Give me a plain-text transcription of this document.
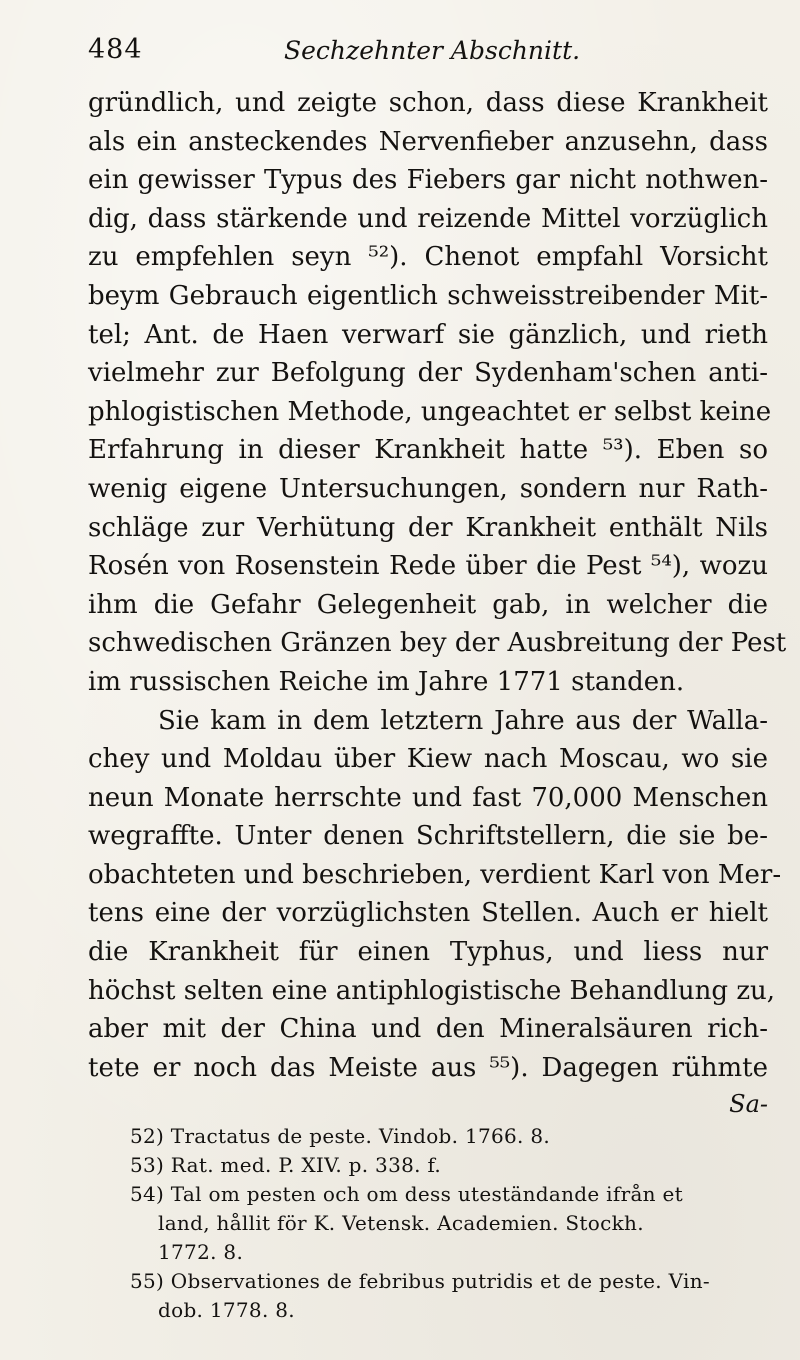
484	Sechzehnter Abschnitt.
gründlich, und zeigte schon, dass diese Krankheit
als ein ansteckendes Nervenfieber anzusehn, dass
ein gewisser Typus des Fiebers gar nicht nothwen-
dig, dass stärkende und reizende Mittel vorzüglich
zu empfehlen seyn ⁵²). Chenot empfahl Vorsicht
beym Gebrauch eigentlich schweisstreibender Mit-
tel; Ant. de Haen verwarf sie gänzlich, und rieth
vielmehr zur Befolgung der Sydenham'schen anti-
phlogistischen Methode, ungeachtet er selbst keine
Erfahrung in dieser Krankheit hatte ⁵³). Eben so
wenig eigene Untersuchungen, sondern nur Rath-
schläge zur Verhütung der Krankheit enthält Nils
Rosén von Rosenstein Rede über die Pest ⁵⁴), wozu
ihm die Gefahr Gelegenheit gab, in welcher die
schwedischen Gränzen bey der Ausbreitung der Pest
im russischen Reiche im Jahre 1771 standen.
Sie kam in dem letztern Jahre aus der Walla-
chey und Moldau über Kiew nach Moscau, wo sie
neun Monate herrschte und fast 70,000 Menschen
wegraffte. Unter denen Schriftstellern, die sie be-
obachteten und beschrieben, verdient Karl von Mer-
tens eine der vorzüglichsten Stellen. Auch er hielt
die Krankheit für einen Typhus, und liess nur
höchst selten eine antiphlogistische Behandlung zu,
aber mit der China und den Mineralsäuren rich-
tete er noch das Meiste aus ⁵⁵). Dagegen rühmte
Sa-
52) Tractatus de peste. Vindob. 1766. 8.
53) Rat. med. P. XIV. p. 338. f.
54) Tal om pesten och om dess uteständande ifrån et
land, hållit för K. Vetensk. Academien. Stockh.
1772. 8.
55) Observationes de febribus putridis et de peste. Vin-
dob. 1778. 8.
